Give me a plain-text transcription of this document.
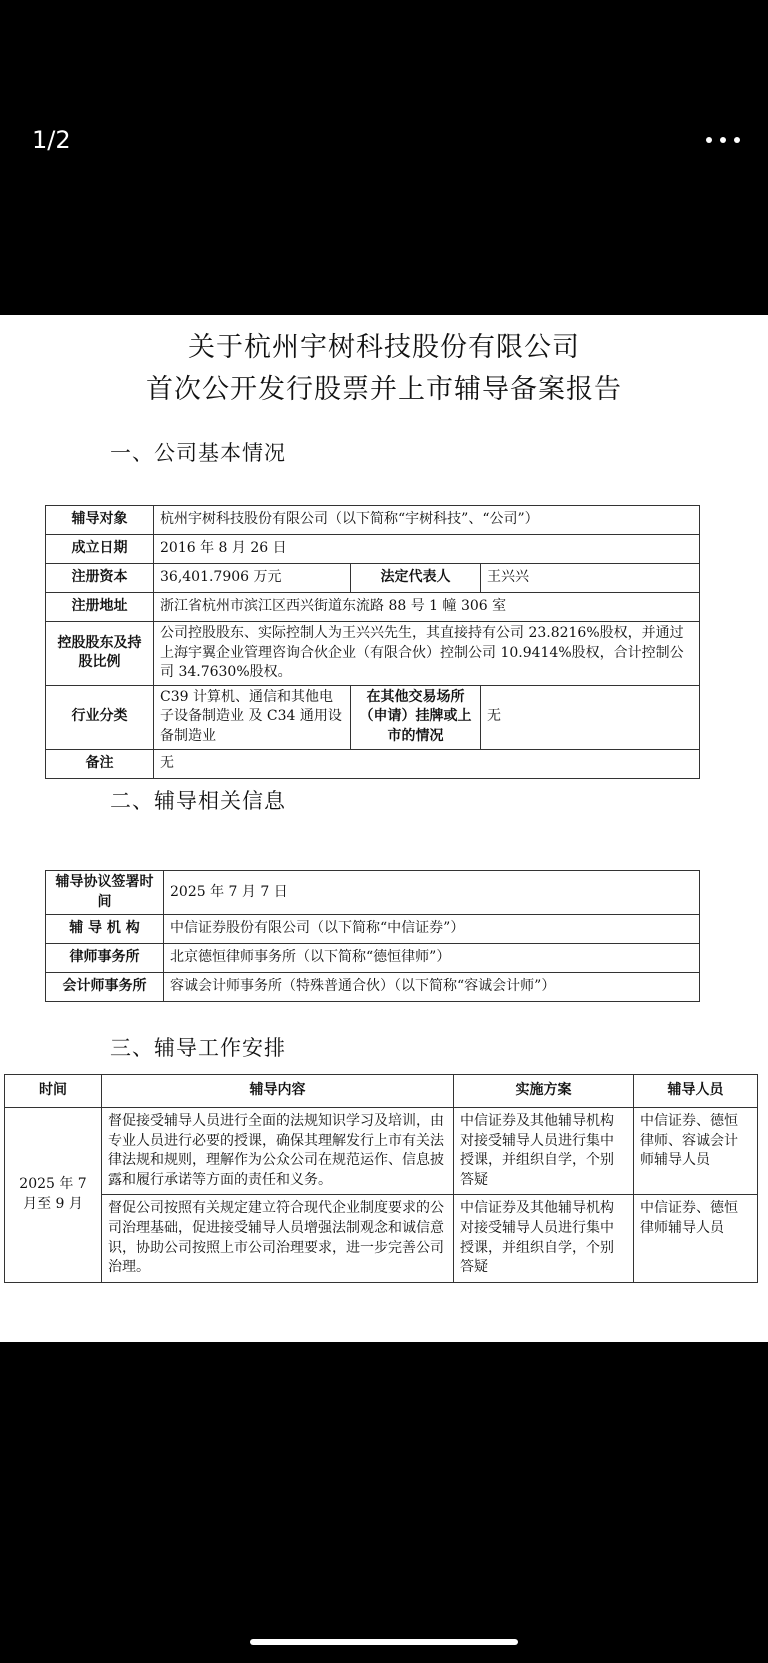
1/2
关于杭州宇树科技股份有限公司
首次公开发行股票并上市辅导备案报告
一、公司基本情况
辅导对象	杭州宇树科技股份有限公司（以下简称“宇树科技”、“公司”）		
成立日期	2016 年 8 月 26 日		
注册资本	36,401.7906 万元	法定代表人	王兴兴
注册地址	浙江省杭州市滨江区西兴街道东流路 88 号 1 幢 306 室		
控股股东及持股比例	公司控股股东、实际控制人为王兴兴先生，其直接持有公司 23.8216%股权，并通过上海宇翼企业管理咨询合伙企业（有限合伙）控制公司 10.9414%股权，合计控制公司 34.7630%股权。		
行业分类	C39 计算机、通信和其他电子设备制造业 及 C34 通用设备制造业	在其他交易场所（申请）挂牌或上市的情况	无
备注	无		
二、辅导相关信息
辅导协议签署时间	2025 年 7 月 7 日
辅 导 机 构	中信证券股份有限公司（以下简称“中信证券”）
律师事务所	北京德恒律师事务所（以下简称“德恒律师”）
会计师事务所	容诚会计师事务所（特殊普通合伙）（以下简称“容诚会计师”）
三、辅导工作安排
时间	辅导内容	实施方案	辅导人员
2025 年 7 月至 9 月	督促接受辅导人员进行全面的法规知识学习及培训，由专业人员进行必要的授课，确保其理解发行上市有关法律法规和规则，理解作为公众公司在规范运作、信息披露和履行承诺等方面的责任和义务。	中信证券及其他辅导机构对接受辅导人员进行集中授课，并组织自学，个别答疑	中信证券、德恒律师、容诚会计师辅导人员
	督促公司按照有关规定建立符合现代企业制度要求的公司治理基础，促进接受辅导人员增强法制观念和诚信意识，协助公司按照上市公司治理要求，进一步完善公司治理。	中信证券及其他辅导机构对接受辅导人员进行集中授课，并组织自学，个别答疑	中信证券、德恒律师辅导人员
